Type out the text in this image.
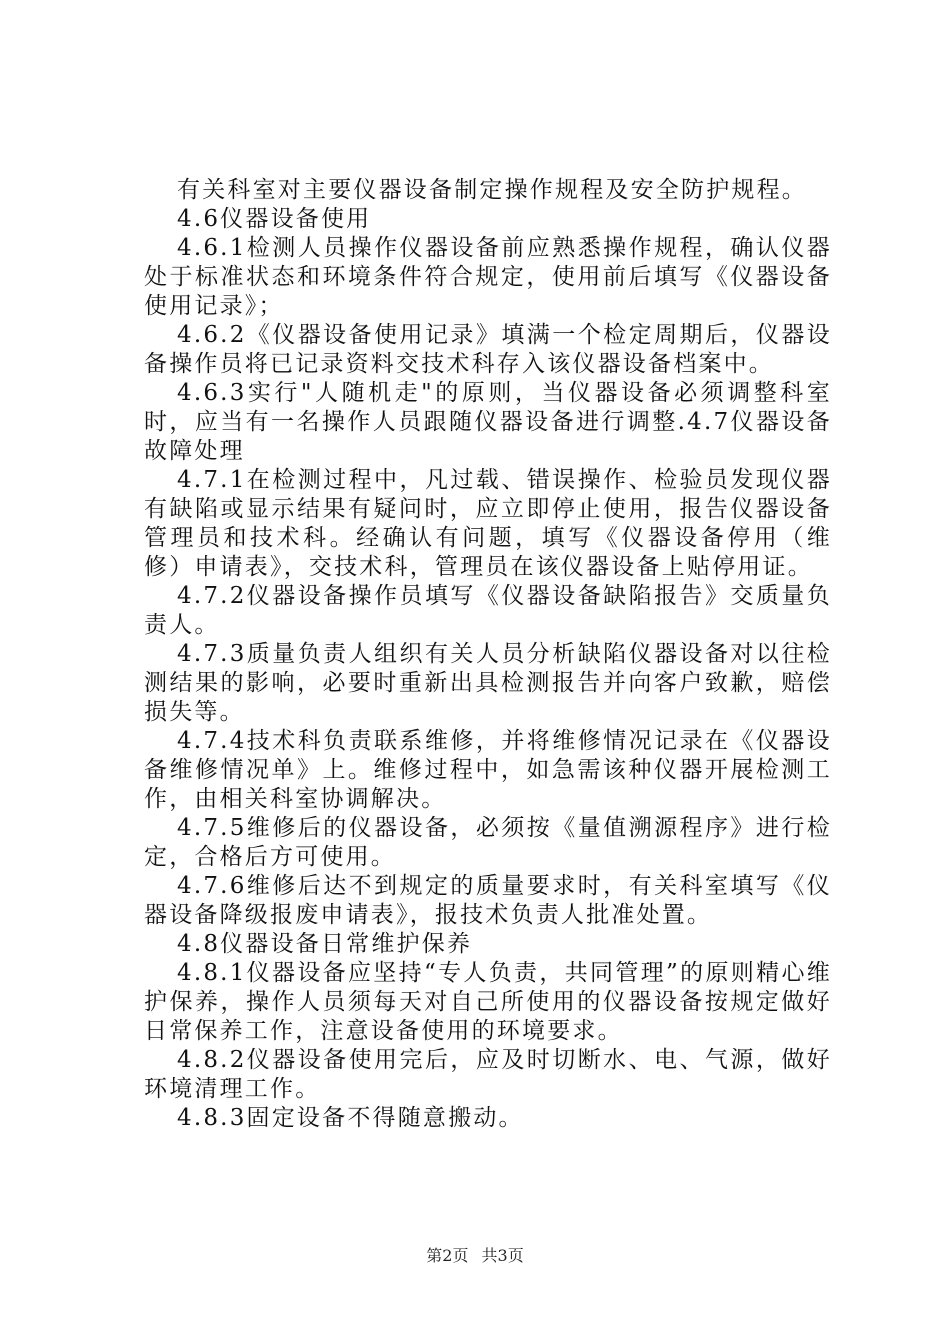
有关科室对主要仪器设备制定操作规程及安全防护规程。

4.6仪器设备使用

4.6.1检测人员操作仪器设备前应熟悉操作规程，确认仪器处于标准状态和环境条件符合规定，使用前后填写《仪器设备使用记录》；

4.6.2《仪器设备使用记录》填满一个检定周期后，仪器设备操作员将已记录资料交技术科存入该仪器设备档案中。

4.6.3实行"人随机走"的原则，当仪器设备必须调整科室时，应当有一名操作人员跟随仪器设备进行调整.4.7仪器设备故障处理

4.7.1在检测过程中，凡过载、错误操作、检验员发现仪器有缺陷或显示结果有疑问时，应立即停止使用，报告仪器设备管理员和技术科。经确认有问题，填写《仪器设备停用（维修）申请表》，交技术科，管理员在该仪器设备上贴停用证。

4.7.2仪器设备操作员填写《仪器设备缺陷报告》交质量负责人。

4.7.3质量负责人组织有关人员分析缺陷仪器设备对以往检测结果的影响，必要时重新出具检测报告并向客户致歉，赔偿损失等。

4.7.4技术科负责联系维修，并将维修情况记录在《仪器设备维修情况单》上。维修过程中，如急需该种仪器开展检测工作，由相关科室协调解决。

4.7.5维修后的仪器设备，必须按《量值溯源程序》进行检定，合格后方可使用。

4.7.6维修后达不到规定的质量要求时，有关科室填写《仪器设备降级报废申请表》，报技术负责人批准处置。

4.8仪器设备日常维护保养

4.8.1仪器设备应坚持“专人负责，共同管理”的原则精心维护保养，操作人员须每天对自己所使用的仪器设备按规定做好日常保养工作，注意设备使用的环境要求。

4.8.2仪器设备使用完后，应及时切断水、电、气源，做好环境清理工作。

4.8.3固定设备不得随意搬动。

第2页 共3页
